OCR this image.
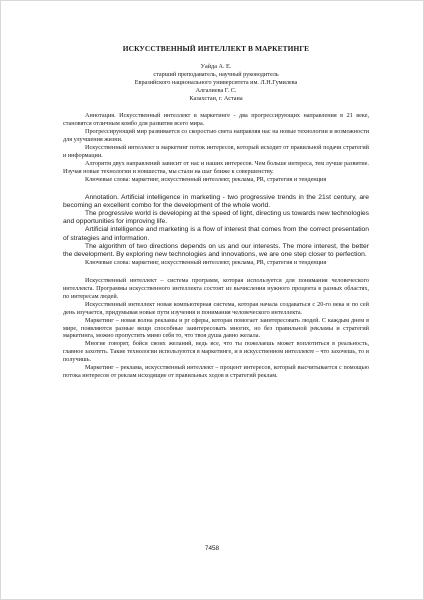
ИСКУССТВЕННЫЙ ИНТЕЛЛЕКТ В МАРКЕТИНГЕ

Уайда А. Е.

старший преподаватель, научный руководитель

Евразийского национального университета им. Л.Н.Гумилева

Алгалиева Г. С.

Казахстан, г. Астана

Аннотация. Искусственный интеллект в маркетинге - два прогрессирующих направления в 21 веке, становятся отличным комбо для развития всего мира.

Прогрессирующий мир развивается со скоростью света направляя нас на новые технологии и возможности для улучшения жизни.

Искусственный интеллект и маркетинг поток интересов, который исходит от правильной подачи стратегий и информации.

Алгоритм двух направлений зависит от нас и наших интересов. Чем больше интереса, тем лучше развитие. Изучая новые технологии и новшества, мы стали на шаг ближе к совершенству.

Ключевые слова: маркетинг, искусственный интеллект, реклама, PR, стратегия и тенденция

Annotation. Artificial intelligence in marketing - two progressive trends in the 21st century, are becoming an excellent combo for the development of the whole world.

The progressive world is developing at the speed of light, directing us towards new technologies and opportunities for improving life.

Artificial intelligence and marketing is a flow of interest that comes from the correct presentation of strategies and information.

The algorithm of two directions depends on us and our interests. The more interest, the better the development. By exploring new technologies and innovations, we are one step closer to perfection.

Ключевые слова: маркетинг, искусственный интеллект, реклама, PR, стратегия и тенденция

Искусственный интеллект – система программ, которая используется для понимания человеческого интеллекта. Программы искусственного интеллекта состоят из вычисления нужного процента в разных областях, по интересам людей.

Искусственный интеллект новая компьютерная система, которая начала создаваться с 20-го века и по сей день изучается, придумывая новые пути изучения и понимания человеческого интеллекта.

Маркетинг – новая волна рекламы и pr сферы, которая помогает заинтересовать людей. С каждым днем в мире, появляются разные вещи способные заинтересовать многих, но без правильной рекламы и стратегий маркетинга, можно пропустить мимо себя то, что твоя душа давно желала.

Многие говорят, бойся своих желаний, ведь все, что ты пожелаешь может воплотиться в реальность, главное захотеть. Такие технологии используются в маркетинге, и в искусственном интеллекте – что захочешь, то и получишь.

Маркетинг – реклама, искусственный интеллект – процент интересов, который высчитывается с помощью потока интересов от реклам исходящие от правильных ходов и стратегий реклам.

7458
